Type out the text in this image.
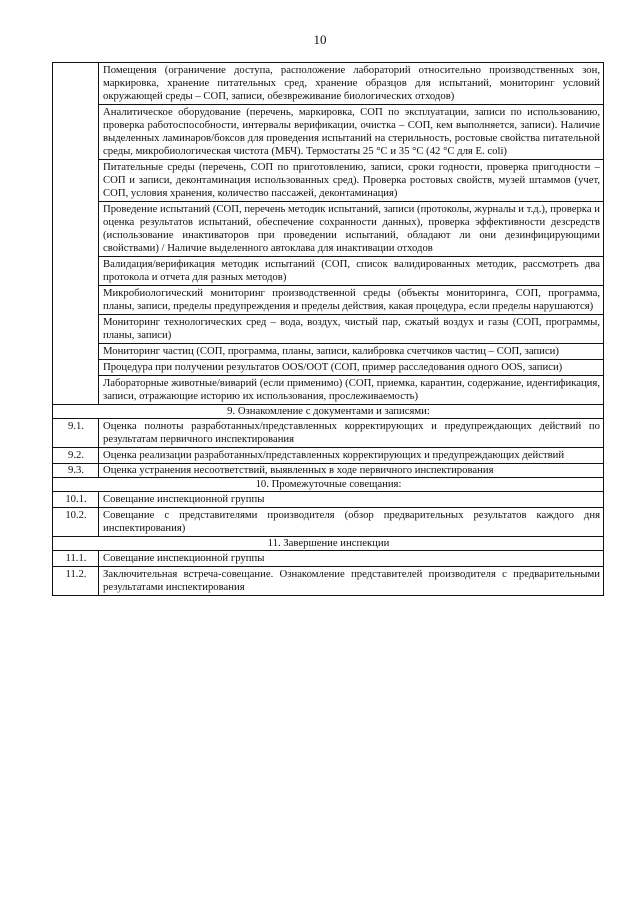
10
	Помещения (ограничение доступа, расположение лабораторий относительно производственных зон, маркировка, хранение питательных сред, хранение образцов для испытаний, мониторинг условий окружающей среды – СОП, записи, обезвреживание биологических отходов)
	Аналитическое оборудование (перечень, маркировка, СОП по эксплуатации, записи по использованию, проверка работоспособности, интервалы верификации, очистка – СОП, кем выполняется, записи). Наличие выделенных ламинаров/боксов для проведения испытаний на стерильность, ростовые свойства питательной среды, микробиологическая чистота (МБЧ). Термостаты 25 °С и 35 °С (42 °С для E. coli)
	Питательные среды (перечень, СОП по приготовлению, записи, сроки годности, проверка пригодности – СОП и записи, деконтаминация использованных сред). Проверка ростовых свойств, музей штаммов (учет, СОП, условия хранения, количество пассажей, деконтаминация)
	Проведение испытаний (СОП, перечень методик испытаний, записи (протоколы, журналы и т.д.), проверка и оценка результатов испытаний, обеспечение сохранности данных), проверка эффективности дезсредств (использование инактиваторов при проведении испытаний, обладают ли они дезинфицирующими свойствами) / Наличие выделенного автоклава для инактивации отходов
	Валидация/верификация методик испытаний (СОП, список валидированных методик, рассмотреть два протокола и отчета для разных методов)
	Микробиологический мониторинг производственной среды (объекты мониторинга, СОП, программа, планы, записи, пределы предупреждения и пределы действия, какая процедура, если пределы нарушаются)
	Мониторинг технологических сред – вода, воздух, чистый пар, сжатый воздух и газы (СОП, программы, планы, записи)
	Мониторинг частиц (СОП, программа, планы, записи, калибровка счетчиков частиц – СОП, записи)
	Процедура при получении результатов OOS/OOT (СОП, пример расследования одного OOS, записи)
	Лабораторные животные/виварий (если применимо) (СОП, приемка, карантин, содержание, идентификация, записи, отражающие историю их использования, прослеживаемость)
9. Ознакомление с документами и записями:	
9.1.	Оценка полноты разработанных/представленных корректирующих и предупреждающих действий по результатам первичного инспектирования
9.2.	Оценка реализации разработанных/представленных корректирующих и предупреждающих действий
9.3.	Оценка устранения несоответствий, выявленных в ходе первичного инспектирования
10. Промежуточные совещания:	
10.1.	Совещание инспекционной группы
10.2.	Совещание с представителями производителя (обзор предварительных результатов каждого дня инспектирования)
11. Завершение инспекции	
11.1.	Совещание инспекционной группы
11.2.	Заключительная встреча-совещание. Ознакомление представителей производителя с предварительными результатами инспектирования
